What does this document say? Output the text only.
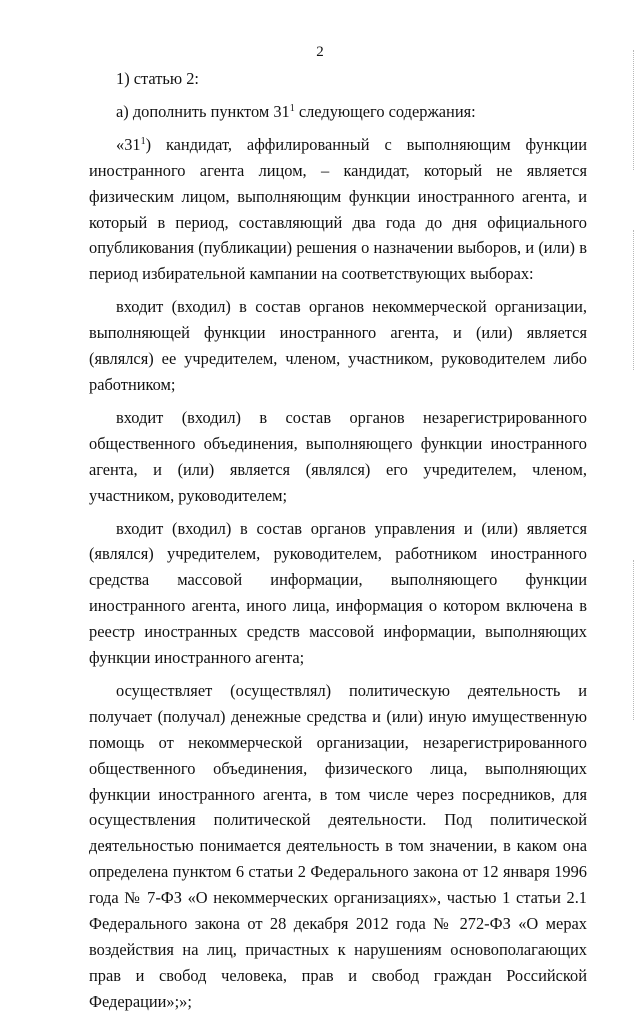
2

1) статью 2:

а) дополнить пунктом $31^1$ следующего содержания:

«$31^1$) кандидат, аффилированный с выполняющим функции иностранного агента лицом, – кандидат, который не является физическим лицом, выполняющим функции иностранного агента, и который в период, составляющий два года до дня официального опубликования (публикации) решения о назначении выборов, и (или) в период избирательной кампании на соответствующих выборах:

входит (входил) в состав органов некоммерческой организации, выполняющей функции иностранного агента, и (или) является (являлся) ее учредителем, членом, участником, руководителем либо работником;

входит (входил) в состав органов незарегистрированного общественного объединения, выполняющего функции иностранного агента, и (или) является (являлся) его учредителем, членом, участником, руководителем;

входит (входил) в состав органов управления и (или) является (являлся) учредителем, руководителем, работником иностранного средства массовой информации, выполняющего функции иностранного агента, иного лица, информация о котором включена в реестр иностранных средств массовой информации, выполняющих функции иностранного агента;

осуществляет (осуществлял) политическую деятельность и получает (получал) денежные средства и (или) иную имущественную помощь от некоммерческой организации, незарегистрированного общественного объединения, физического лица, выполняющих функции иностранного агента, в том числе через посредников, для осуществления политической деятельности. Под политической деятельностью понимается деятельность в том значении, в каком она определена пунктом 6 статьи 2 Федерального закона от 12 января 1996 года № 7-ФЗ «О некоммерческих организациях», частью 1 статьи 2.1 Федерального закона от 28 декабря 2012 года № 272-ФЗ «О мерах воздействия на лиц, причастных к нарушениям основополагающих прав и свобод человека, прав и свобод граждан Российской Федерации»;»;
